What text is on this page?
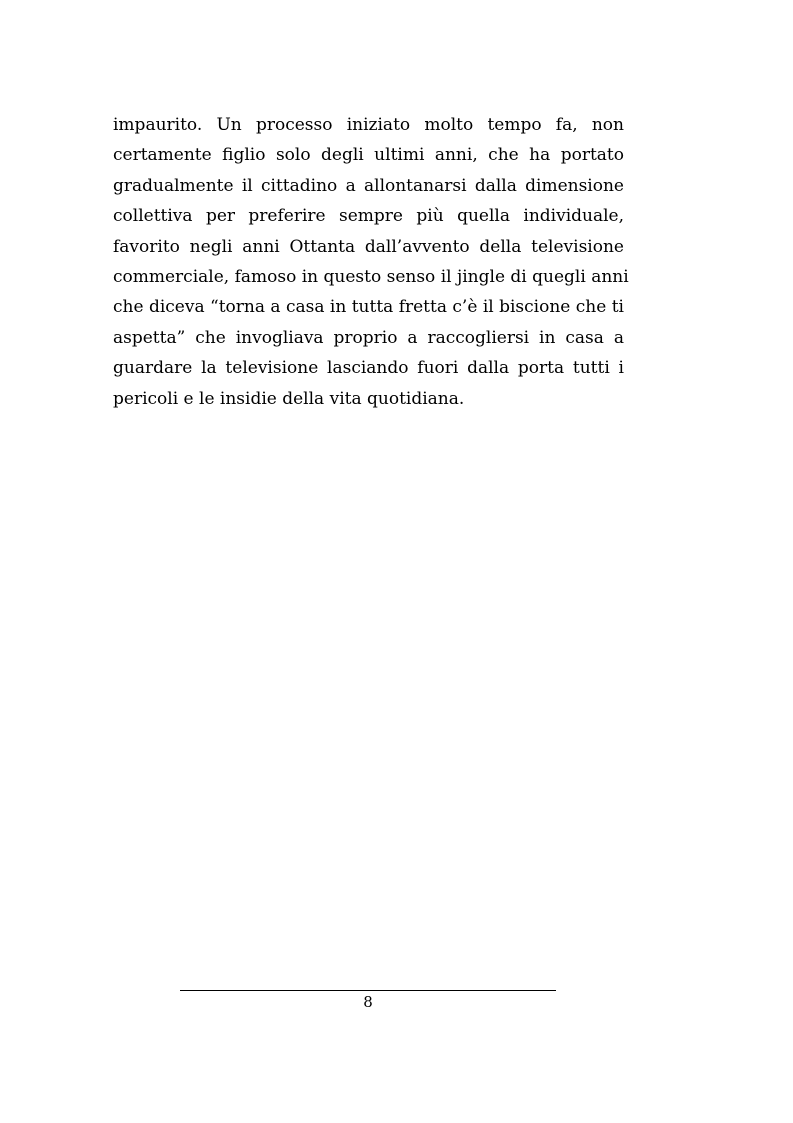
impaurito. Un processo iniziato molto tempo fa, non
certamente figlio solo degli ultimi anni, che ha portato
gradualmente il cittadino a allontanarsi dalla dimensione
collettiva per preferire sempre più quella individuale,
favorito negli anni Ottanta dall’avvento della televisione
commerciale, famoso in questo senso il jingle di quegli anni
che diceva “torna a casa in tutta fretta c’è il biscione che ti
aspetta” che invogliava proprio a raccogliersi in casa a
guardare la televisione lasciando fuori dalla porta tutti i
pericoli e le insidie della vita quotidiana.
8
